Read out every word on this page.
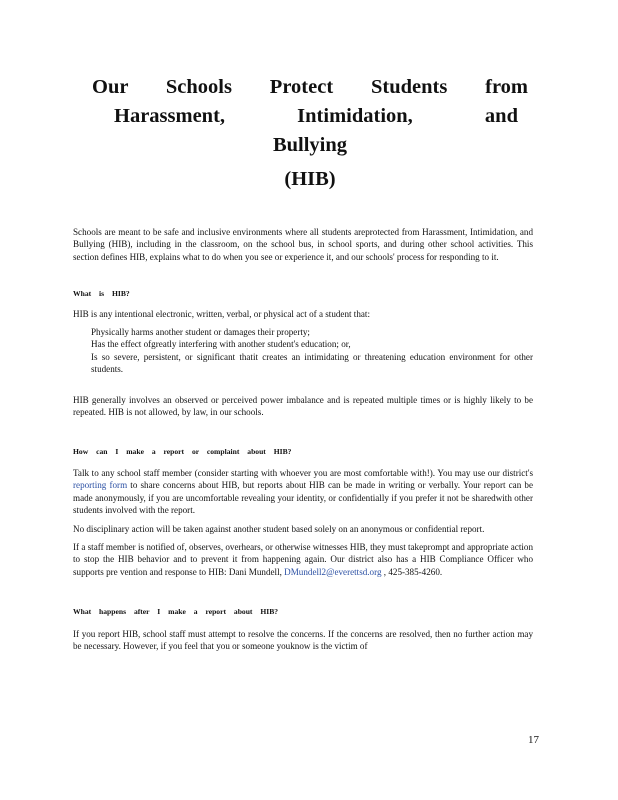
Our Schools Protect Students from
Harassment, Intimidation, and
Bullying
(HIB)

Schools are meant to be safe and inclusive environments where all students areprotected from Harassment, Intimidation, and Bullying (HIB), including in the classroom, on the school bus, in school sports, and during other school activities. This section defines HIB, explains what to do when you see or experience it, and our schools' process for responding to it.

What is HIB?

HIB is any intentional electronic, written, verbal, or physical act of a student that:

Physically harms another student or damages their property;
Has the effect ofgreatly interfering with another student's education; or,
Is so severe, persistent, or significant thatit creates an intimidating or threatening education environment for other students.

HIB generally involves an observed or perceived power imbalance and is repeated multiple times or is highly likely to be repeated. HIB is not allowed, by law, in our schools.

How can I make a report or complaint about HIB?

Talk to any school staff member (consider starting with whoever you are most comfortable with!). You may use our district's reporting form to share concerns about HIB, but reports about HIB can be made in writing or verbally. Your report can be made anonymously, if you are uncomfortable revealing your identity, or confidentially if you prefer it not be sharedwith other students involved with the report.

No disciplinary action will be taken against another student based solely on an anonymous or confidential report.

If a staff member is notified of, observes, overhears, or otherwise witnesses HIB, they must takeprompt and appropriate action to stop the HIB behavior and to prevent it from happening again. Our district also has a HIB Compliance Officer who supports pre vention and response to HIB: Dani Mundell, DMundell2@everettsd.org , 425-385-4260.

What happens after I make a report about HIB?

If you report HIB, school staff must attempt to resolve the concerns. If the concerns are resolved, then no further action may be necessary. However, if you feel that you or someone youknow is the victim of

17
